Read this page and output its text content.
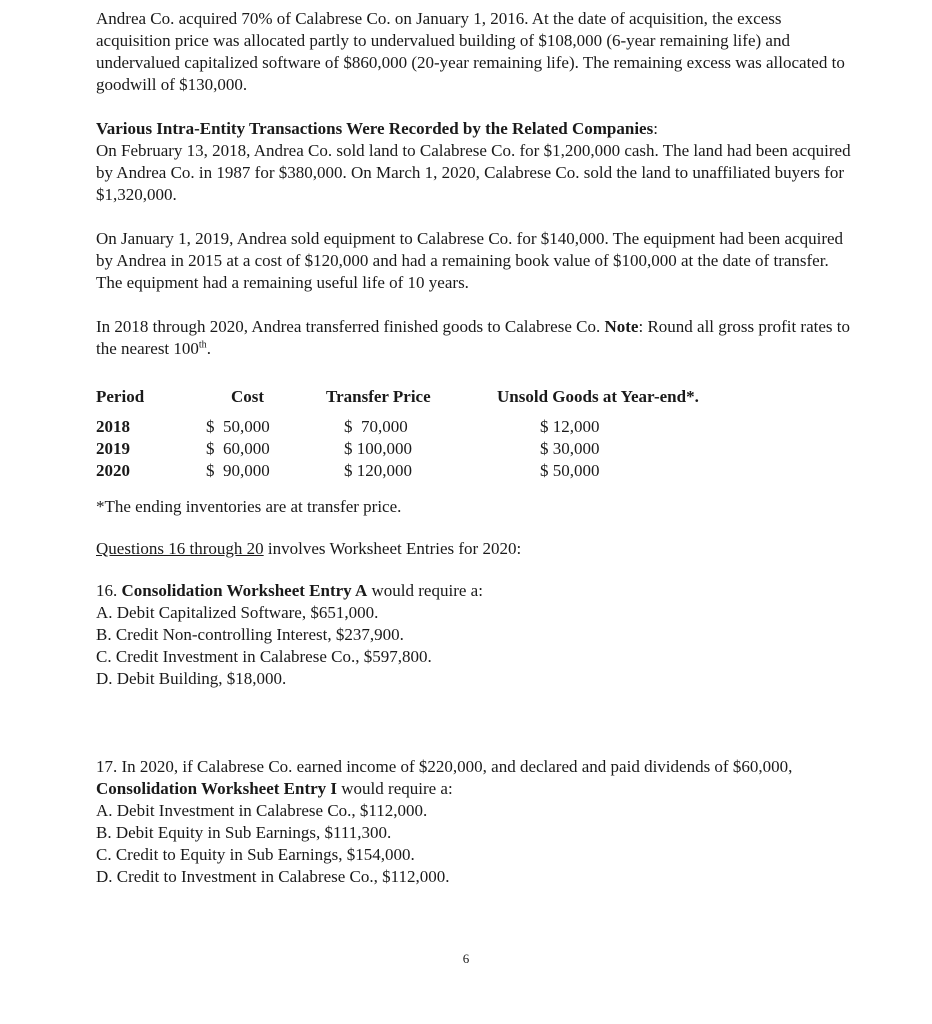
Andrea Co. acquired 70% of Calabrese Co. on January 1, 2016. At the date of acquisition, the excess acquisition price was allocated partly to undervalued building of $108,000 (6-year remaining life) and undervalued capitalized software of $860,000 (20-year remaining life). The remaining excess was allocated to goodwill of $130,000.

Various Intra-Entity Transactions Were Recorded by the Related Companies:

On February 13, 2018, Andrea Co. sold land to Calabrese Co. for $1,200,000 cash. The land had been acquired by Andrea Co. in 1987 for $380,000. On March 1, 2020, Calabrese Co. sold the land to unaffiliated buyers for $1,320,000.

On January 1, 2019, Andrea sold equipment to Calabrese Co. for $140,000. The equipment had been acquired by Andrea in 2015 at a cost of $120,000 and had a remaining book value of $100,000 at the date of transfer. The equipment had a remaining useful life of 10 years.

In 2018 through 2020, Andrea transferred finished goods to Calabrese Co. Note: Round all gross profit rates to the nearest 100th.

Period	Cost	Transfer Price	Unsold Goods at Year-end*.
2018	$  50,000	$  70,000	$ 12,000
2019	$  60,000	$ 100,000	$ 30,000
2020	$  90,000	$ 120,000	$ 50,000

*The ending inventories are at transfer price.

Questions 16 through 20 involves Worksheet Entries for 2020:

16. Consolidation Worksheet Entry A would require a:

A. Debit Capitalized Software, $651,000.

B. Credit Non-controlling Interest, $237,900.

C. Credit Investment in Calabrese Co., $597,800.

D. Debit Building, $18,000.

17. In 2020, if Calabrese Co. earned income of $220,000, and declared and paid dividends of $60,000, Consolidation Worksheet Entry I would require a:

A. Debit Investment in Calabrese Co., $112,000.

B. Debit Equity in Sub Earnings, $111,300.

C. Credit to Equity in Sub Earnings, $154,000.

D. Credit to Investment in Calabrese Co., $112,000.

6
